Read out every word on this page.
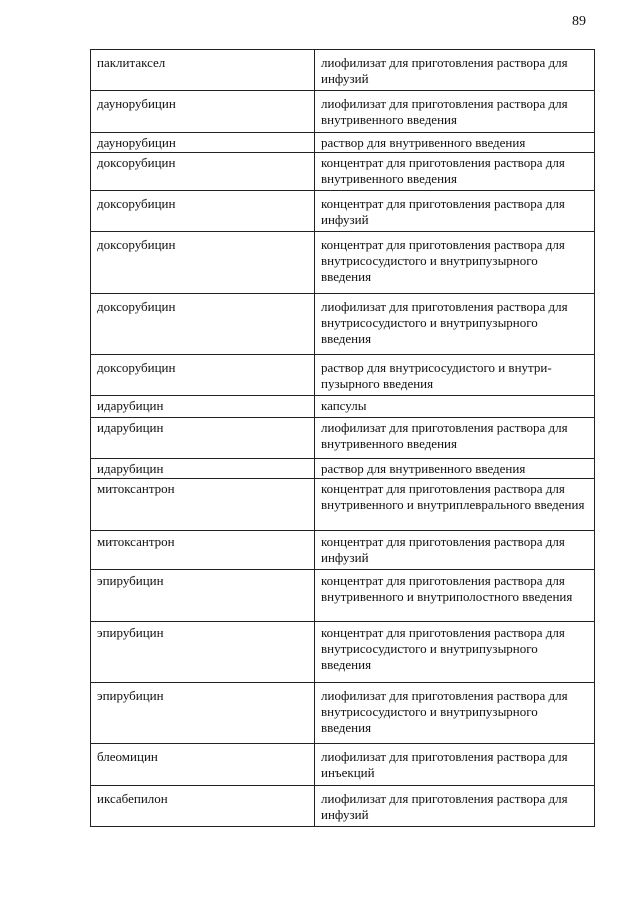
89
паклитаксел	лиофилизат для приготовления раствора для инфузий
даунорубицин	лиофилизат для приготовления раствора для внутривенного введения
даунорубицин	раствор для внутривенного введения
доксорубицин	концентрат для приготовления раствора для внутривенного введения
доксорубицин	концентрат для приготовления раствора для инфузий
доксорубицин	концентрат для приготовления раствора для внутрисосудистого и внутрипузырного введения
доксорубицин	лиофилизат для приготовления раствора для внутрисосудистого и внутрипузырного введения
доксорубицин	раствор для внутрисосудистого и внутри-пузырного введения
идарубицин	капсулы
идарубицин	лиофилизат для приготовления раствора для внутривенного введения
идарубицин	раствор для внутривенного введения
митоксантрон	концентрат для приготовления раствора для внутривенного и внутриплеврального введения
митоксантрон	концентрат для приготовления раствора для инфузий
эпирубицин	концентрат для приготовления раствора для внутривенного и внутриполостного введения
эпирубицин	концентрат для приготовления раствора для внутрисосудистого и внутрипузырного введения
эпирубицин	лиофилизат для приготовления раствора для внутрисосудистого и внутрипузырного введения
блеомицин	лиофилизат для приготовления раствора для инъекций
иксабепилон	лиофилизат для приготовления раствора для инфузий
